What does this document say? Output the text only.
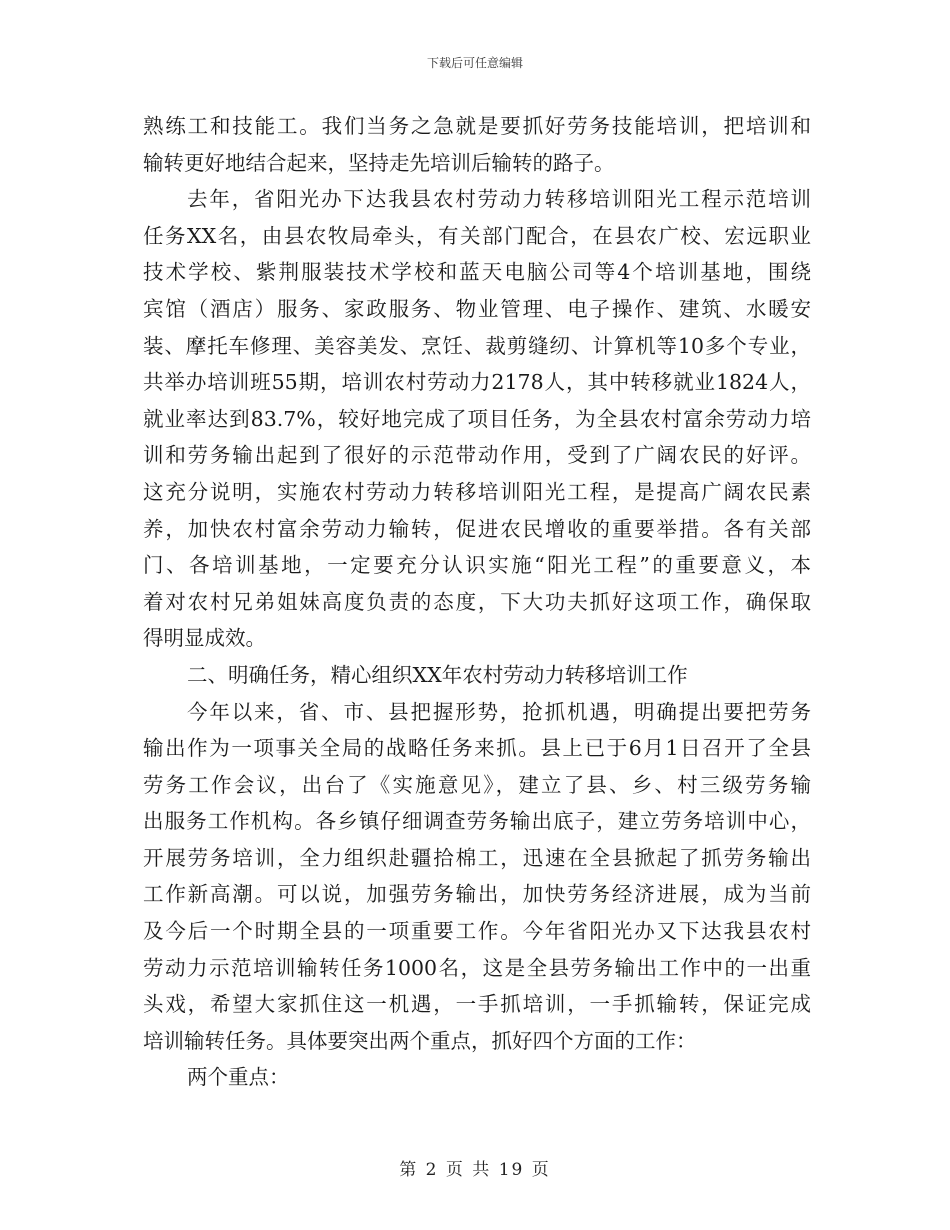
下载后可任意编辑
熟练工和技能工。我们当务之急就是要抓好劳务技能培训，把培训和
输转更好地结合起来，坚持走先培训后输转的路子。
去年，省阳光办下达我县农村劳动力转移培训阳光工程示范培训
任务XX名，由县农牧局牵头，有关部门配合，在县农广校、宏远职业
技术学校、紫荆服装技术学校和蓝天电脑公司等4个培训基地，围绕
宾馆（酒店）服务、家政服务、物业管理、电子操作、建筑、水暖安
装、摩托车修理、美容美发、烹饪、裁剪缝纫、计算机等10多个专业，
共举办培训班55期，培训农村劳动力2178人，其中转移就业1824人，
就业率达到83.7%，较好地完成了项目任务，为全县农村富余劳动力培
训和劳务输出起到了很好的示范带动作用，受到了广阔农民的好评。
这充分说明，实施农村劳动力转移培训阳光工程，是提高广阔农民素
养，加快农村富余劳动力输转，促进农民增收的重要举措。各有关部
门、各培训基地，一定要充分认识实施“阳光工程”的重要意义，本
着对农村兄弟姐妹高度负责的态度，下大功夫抓好这项工作，确保取
得明显成效。
二、明确任务，精心组织XX年农村劳动力转移培训工作
今年以来，省、市、县把握形势，抢抓机遇，明确提出要把劳务
输出作为一项事关全局的战略任务来抓。县上已于6月1日召开了全县
劳务工作会议，出台了《实施意见》，建立了县、乡、村三级劳务输
出服务工作机构。各乡镇仔细调查劳务输出底子，建立劳务培训中心，
开展劳务培训，全力组织赴疆拾棉工，迅速在全县掀起了抓劳务输出
工作新高潮。可以说，加强劳务输出，加快劳务经济进展，成为当前
及今后一个时期全县的一项重要工作。今年省阳光办又下达我县农村
劳动力示范培训输转任务1000名，这是全县劳务输出工作中的一出重
头戏，希望大家抓住这一机遇，一手抓培训，一手抓输转，保证完成
培训输转任务。具体要突出两个重点，抓好四个方面的工作：
两个重点：
第 2 页 共 19 页
